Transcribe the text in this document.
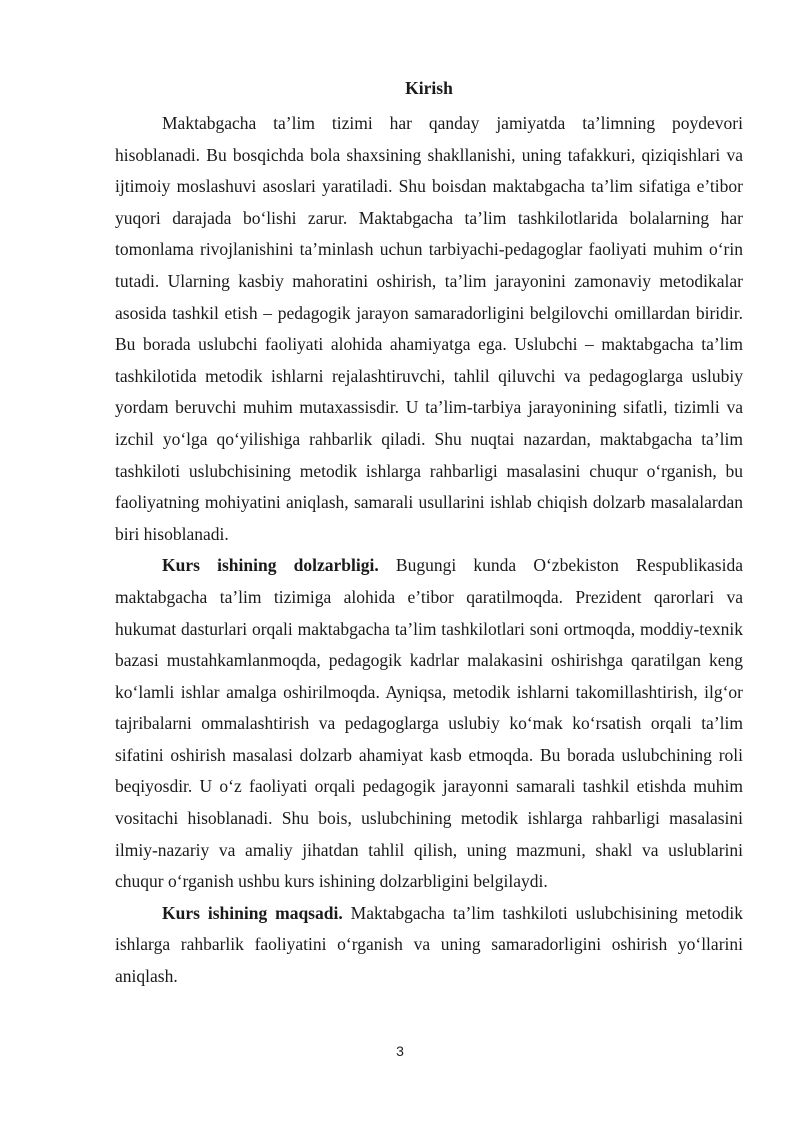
Kirish

Maktabgacha ta’lim tizimi har qanday jamiyatda ta’limning poydevori hisoblanadi. Bu bosqichda bola shaxsining shakllanishi, uning tafakkuri, qiziqishlari va ijtimoiy moslashuvi asoslari yaratiladi. Shu boisdan maktabgacha ta’lim sifatiga e’tibor yuqori darajada bo‘lishi zarur. Maktabgacha ta’lim tashkilotlarida bolalarning har tomonlama rivojlanishini ta’minlash uchun tarbiyachi-pedagoglar faoliyati muhim o‘rin tutadi. Ularning kasbiy mahoratini oshirish, ta’lim jarayonini zamonaviy metodikalar asosida tashkil etish – pedagogik jarayon samaradorligini belgilovchi omillardan biridir. Bu borada uslubchi faoliyati alohida ahamiyatga ega. Uslubchi – maktabgacha ta’lim tashkilotida metodik ishlarni rejalashtiruvchi, tahlil qiluvchi va pedagoglarga uslubiy yordam beruvchi muhim mutaxassisdir. U ta’lim-tarbiya jarayonining sifatli, tizimli va izchil yo‘lga qo‘yilishiga rahbarlik qiladi. Shu nuqtai nazardan, maktabgacha ta’lim tashkiloti uslubchisining metodik ishlarga rahbarligi masalasini chuqur o‘rganish, bu faoliyatning mohiyatini aniqlash, samarali usullarini ishlab chiqish dolzarb masalalardan biri hisoblanadi.

Kurs ishining dolzarbligi. Bugungi kunda O‘zbekiston Respublikasida maktabgacha ta’lim tizimiga alohida e’tibor qaratilmoqda. Prezident qarorlari va hukumat dasturlari orqali maktabgacha ta’lim tashkilotlari soni ortmoqda, moddiy-texnik bazasi mustahkamlanmoqda, pedagogik kadrlar malakasini oshirishga qaratilgan keng ko‘lamli ishlar amalga oshirilmoqda. Ayniqsa, metodik ishlarni takomillashtirish, ilg‘or tajribalarni ommalashtirish va pedagoglarga uslubiy ko‘mak ko‘rsatish orqali ta’lim sifatini oshirish masalasi dolzarb ahamiyat kasb etmoqda. Bu borada uslubchining roli beqiyosdir. U o‘z faoliyati orqali pedagogik jarayonni samarali tashkil etishda muhim vositachi hisoblanadi. Shu bois, uslubchining metodik ishlarga rahbarligi masalasini ilmiy-nazariy va amaliy jihatdan tahlil qilish, uning mazmuni, shakl va uslublarini chuqur o‘rganish ushbu kurs ishining dolzarbligini belgilaydi.

Kurs ishining maqsadi. Maktabgacha ta’lim tashkiloti uslubchisining metodik ishlarga rahbarlik faoliyatini o‘rganish va uning samaradorligini oshirish yo‘llarini aniqlash.

3
